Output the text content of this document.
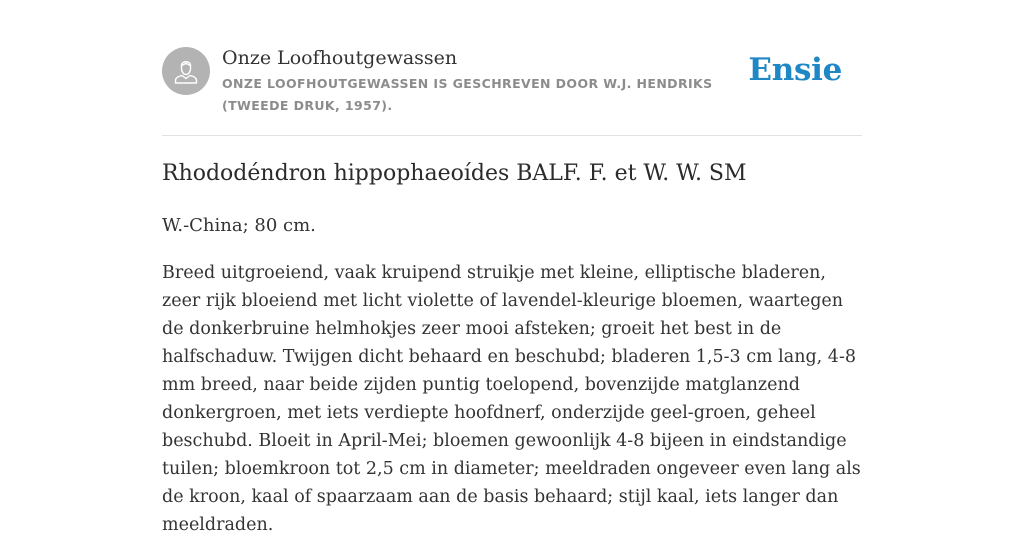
Onze Loofhoutgewassen

ONZE LOOFHOUTGEWASSEN IS GESCHREVEN DOOR W.J. HENDRIKS (TWEEDE DRUK, 1957).

Ensie
Rhododéndron hippophaeoídes BALF. F. et W. W. SM

W.-China; 80 cm.

Breed uitgroeiend, vaak kruipend struikje met kleine, elliptische bladeren, zeer rijk bloeiend met licht violette of lavendel-kleurige bloemen, waartegen de donkerbruine helmhokjes zeer mooi afsteken; groeit het best in de halfschaduw. Twijgen dicht behaard en beschubd; bladeren 1,5-3 cm lang, 4-8 mm breed, naar beide zijden puntig toelopend, bovenzijde matglanzend donkergroen, met iets verdiepte hoofdnerf, onderzijde geel-groen, geheel beschubd. Bloeit in April-Mei; bloemen gewoonlijk 4-8 bijeen in eindstandige tuilen; bloemkroon tot 2,5 cm in diameter; meeldraden ongeveer even lang als de kroon, kaal of spaarzaam aan de basis behaard; stijl kaal, iets langer dan meeldraden.
